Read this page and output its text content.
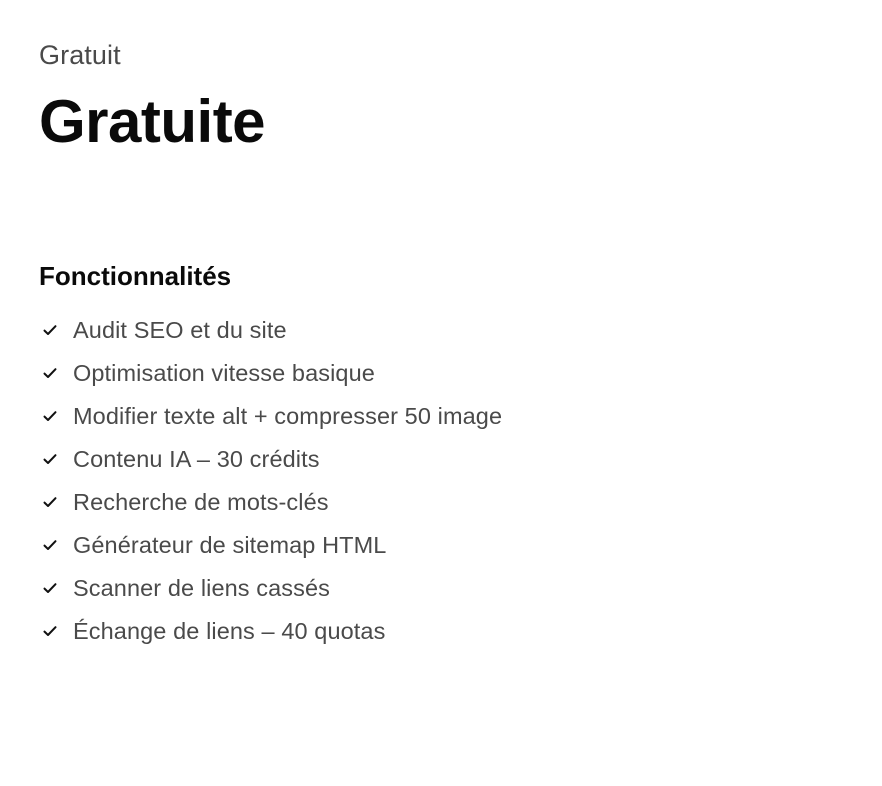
Gratuit
Gratuite
Fonctionnalités
Audit SEO et du site
Optimisation vitesse basique
Modifier texte alt + compresser 50 image
Contenu IA – 30 crédits
Recherche de mots-clés
Générateur de sitemap HTML
Scanner de liens cassés
Échange de liens – 40 quotas
